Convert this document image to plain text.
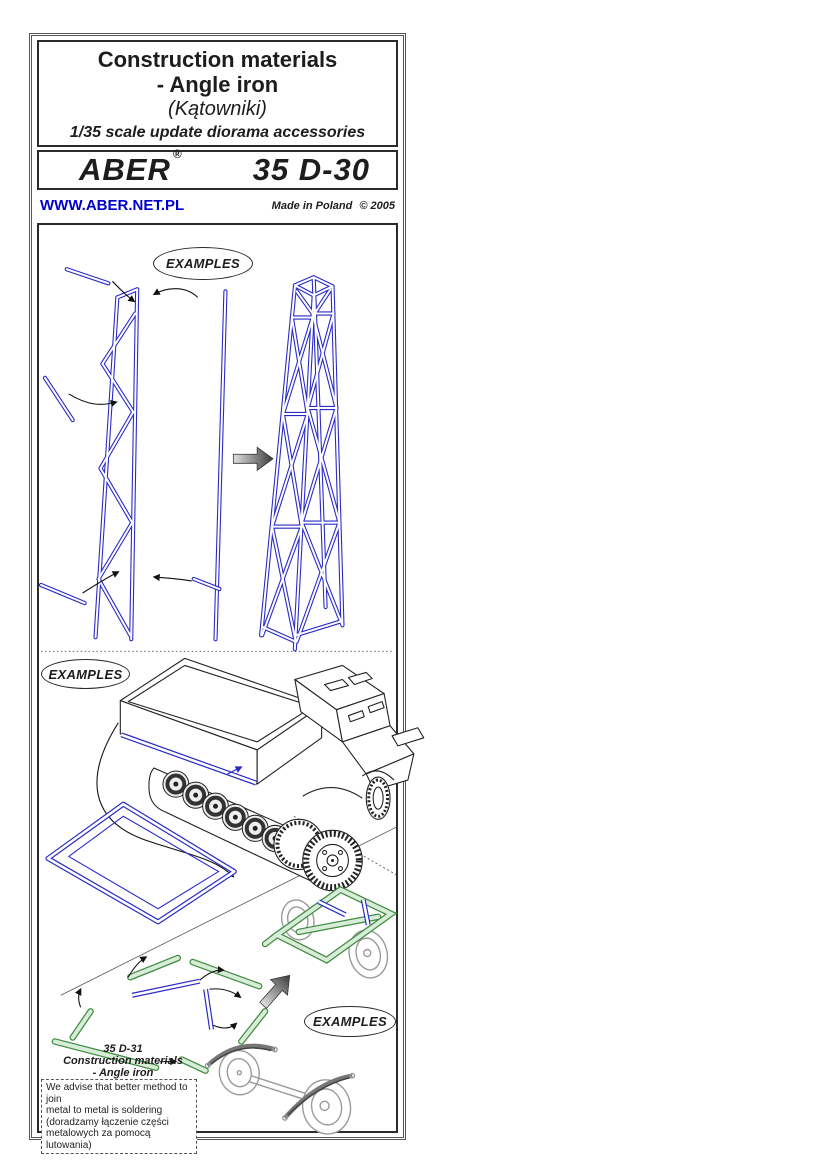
Construction materials
- Angle iron
(Kątowniki)
1/35 scale update diorama accessories
ABER ® 35 D-30
WWW.ABER.NET.PL	Made in Poland © 2005
EXAMPLES
EXAMPLES
EXAMPLES
35 D-31
Construction materials
- Angle iron
We advise that better method to join
metal to metal is soldering
(doradzamy łączenie części
metalowych za pomocą lutowania)
